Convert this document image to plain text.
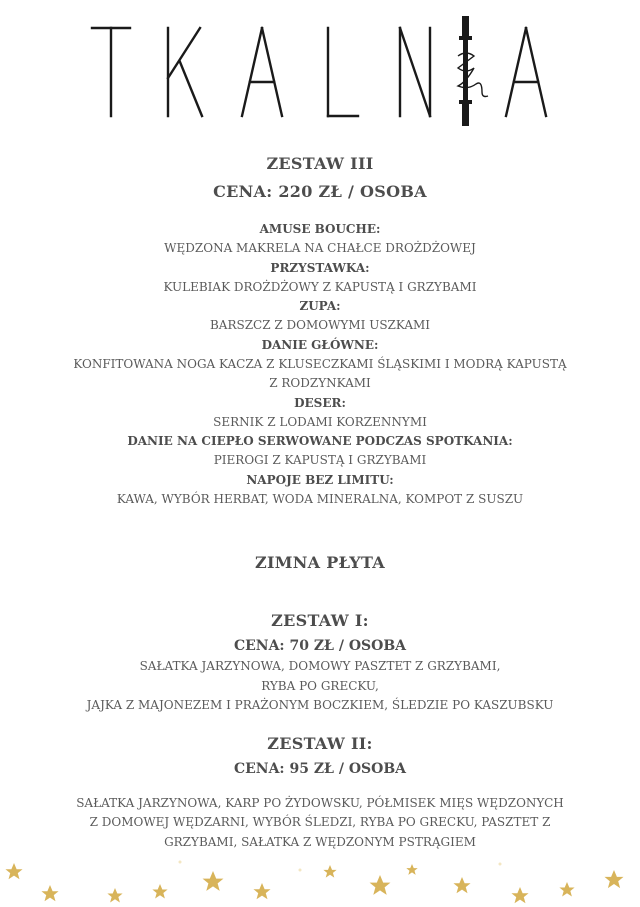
ZESTAW III
CENA: 220 ZŁ / OSOBA
AMUSE BOUCHE:
WĘDZONA MAKRELA NA CHAŁCE DROŻDŻOWEJ
PRZYSTAWKA:
KULEBIAK DROŻDŻOWY Z KAPUSTĄ I GRZYBAMI
ZUPA:
BARSZCZ Z DOMOWYMI USZKAMI
DANIE GŁÓWNE:
KONFITOWANA NOGA KACZA Z KLUSECZKAMI ŚLĄSKIMI I MODRĄ KAPUSTĄ
Z RODZYNKAMI
DESER:
SERNIK Z LODAMI KORZENNYMI
DANIE NA CIEPŁO SERWOWANE PODCZAS SPOTKANIA:
PIEROGI Z KAPUSTĄ I GRZYBAMI
NAPOJE BEZ LIMITU:
KAWA, WYBÓR HERBAT, WODA MINERALNA, KOMPOT Z SUSZU
ZIMNA PŁYTA
ZESTAW I:
CENA: 70 ZŁ / OSOBA
SAŁATKA JARZYNOWA, DOMOWY PASZTET Z GRZYBAMI,
RYBA PO GRECKU,
JAJKA Z MAJONEZEM I PRAŻONYM BOCZKIEM, ŚLEDZIE PO KASZUBSKU
ZESTAW II:
CENA: 95 ZŁ / OSOBA
SAŁATKA JARZYNOWA, KARP PO ŻYDOWSKU, PÓŁMISEK MIĘS WĘDZONYCH
Z DOMOWEJ WĘDZARNI, WYBÓR ŚLEDZI, RYBA PO GRECKU, PASZTET Z
GRZYBAMI, SAŁATKA Z WĘDZONYM PSTRĄGIEM
